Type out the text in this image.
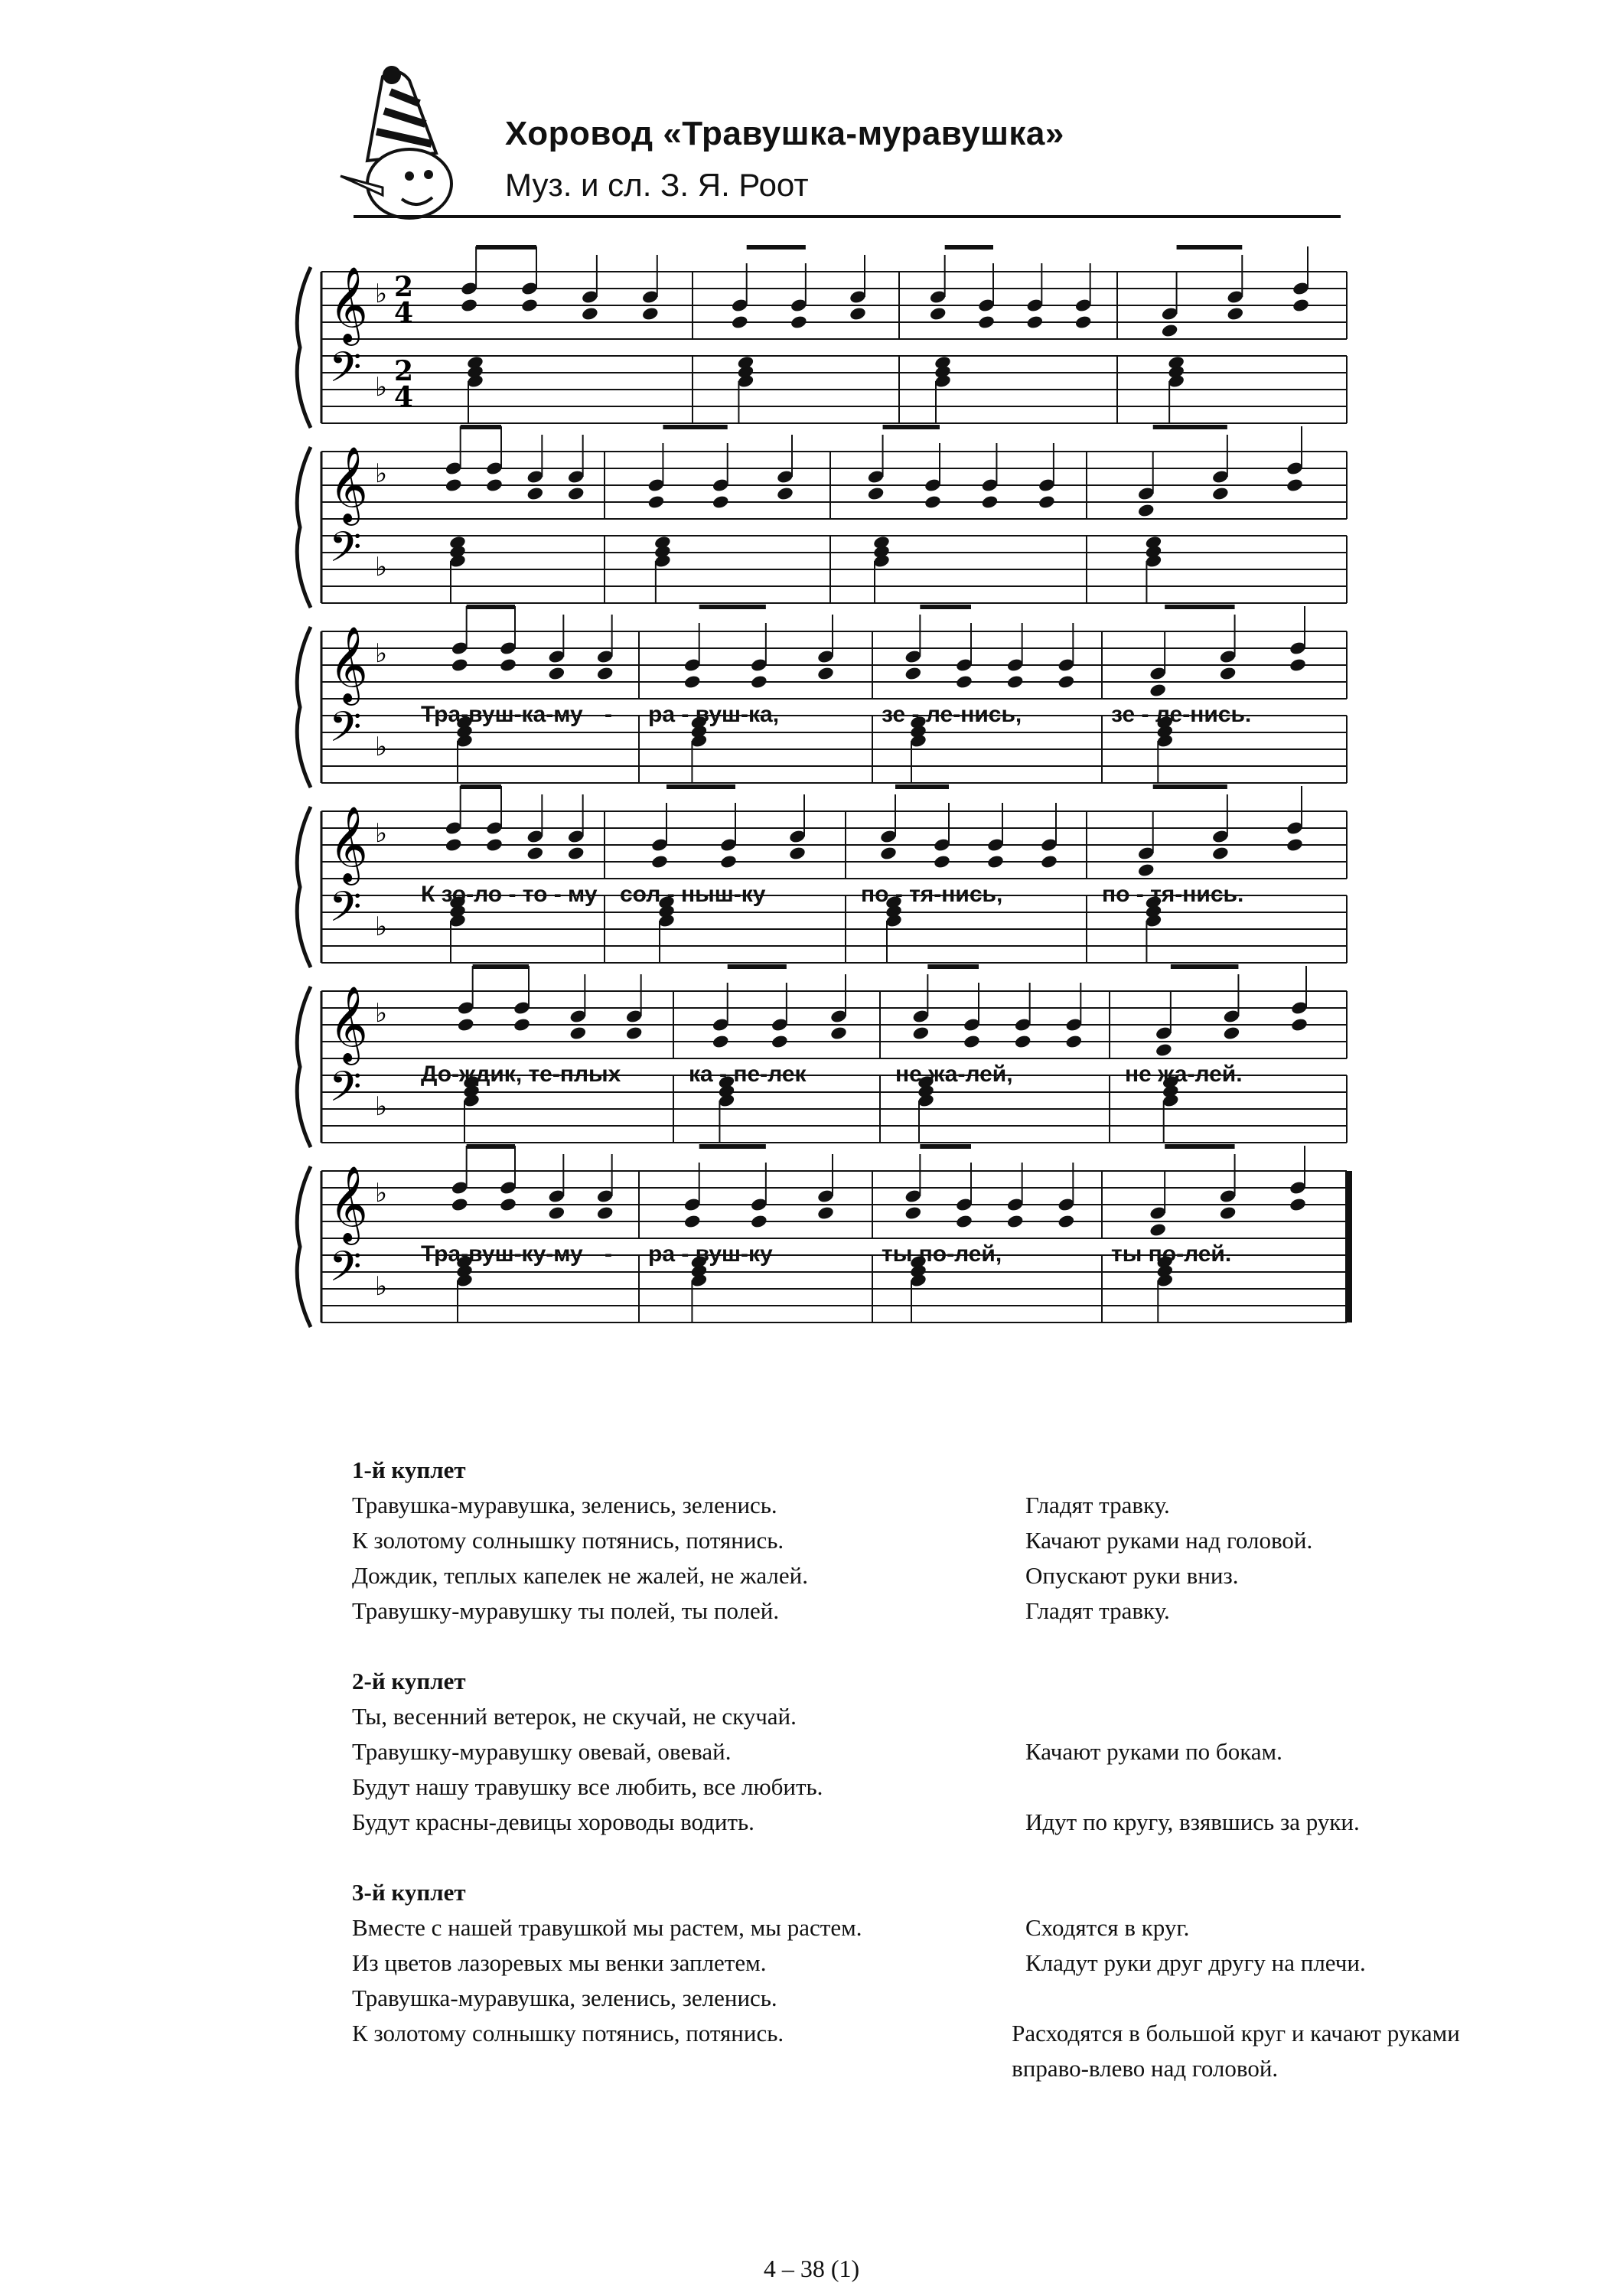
Хоровод «Травушка-муравушка»
Муз. и сл. З. Я. Роот
𝄞
𝄢
♭
♭
2
2
4
4
𝄞
𝄢
♭
♭
𝄞
𝄢
♭
♭
Тра-вуш-ка-му - ра - вуш-ка,	зе - ле-нись,	зе - ле-нись.
𝄞
𝄢
♭
♭
К зо-ло - то - му сол - ныш-ку	по - тя-нись,	по - тя-нись.
𝄞
𝄢
♭
♭
До-ждик, те-плых	ка - пе-лек	не жа-лей,	не жа-лей.
𝄞
𝄢
♭
♭
Тра-вуш-ку-му - ра - вуш-ку	ты по-лей,	ты по-лей.
1-й куплет
Травушка-муравушка, зеленись, зеленись.	Гладят травку.
К золотому солнышку потянись, потянись.	Качают руками над головой.
Дождик, теплых капелек не жалей, не жалей.	Опускают руки вниз.
Травушку-муравушку ты полей, ты полей.	Гладят травку.
2-й куплет
Ты, весенний ветерок, не скучай, не скучай.
Травушку-муравушку овевай, овевай.	Качают руками по бокам.
Будут нашу травушку все любить, все любить.
Будут красны-девицы хороводы водить.	Идут по кругу, взявшись за руки.
3-й куплет
Вместе с нашей травушкой мы растем, мы растем.	Сходятся в круг.
Из цветов лазоревых мы венки заплетем.	Кладут руки друг другу на плечи.
Травушка-муравушка, зеленись, зеленись.
К золотому солнышку потянись, потянись.	Расходятся в большой круг и качают руками вправо-влево над головой.
4 – 38 (1)
